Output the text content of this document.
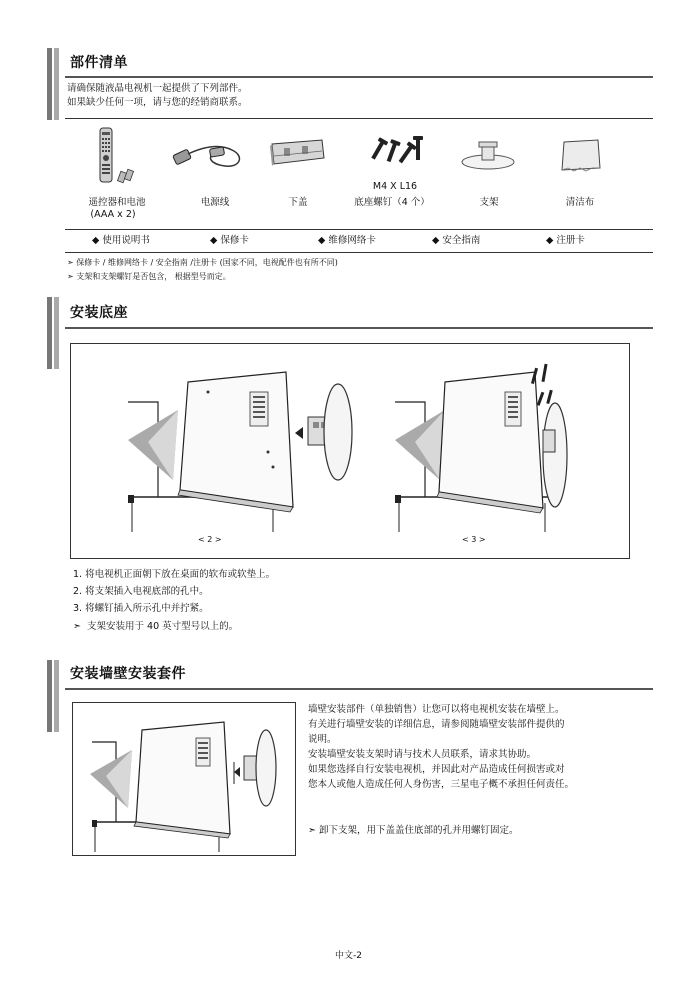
部件清单
请确保随液晶电视机一起提供了下列部件。
如果缺少任何一项，请与您的经销商联系。
遥控器和电池
(AAA x 2)
电源线	下盖
M4 X L16
底座螺钉（4 个）	支架	清洁布
◆ 使用说明书	◆ 保修卡	◆ 维修网络卡	◆ 安全指南	◆ 注册卡
➣ 保修卡 / 维修网络卡 / 安全指南 /注册卡 (国家不同，电视配件也有所不同)
➣ 支架和支架螺钉是否包含， 根据型号而定。
安装底座
< 2 >	< 3 >
1. 将电视机正面朝下放在桌面的软布或软垫上。
2. 将支架插入电视底部的孔中。
3. 将螺钉插入所示孔中并拧紧。
➣  支架安装用于 40 英寸型号以上的。
安装墙壁安装套件
墙壁安装部件（单独销售）让您可以将电视机安装在墙壁上。
有关进行墙壁安装的详细信息，请参阅随墙壁安装部件提供的
说明。
安装墙壁安装支架时请与技术人员联系，请求其协助。
如果您选择自行安装电视机，并因此对产品造成任何损害或对
您本人或他人造成任何人身伤害，三星电子概不承担任何责任。
➣ 卸下支架，用下盖盖住底部的孔并用螺钉固定。
中文-2
